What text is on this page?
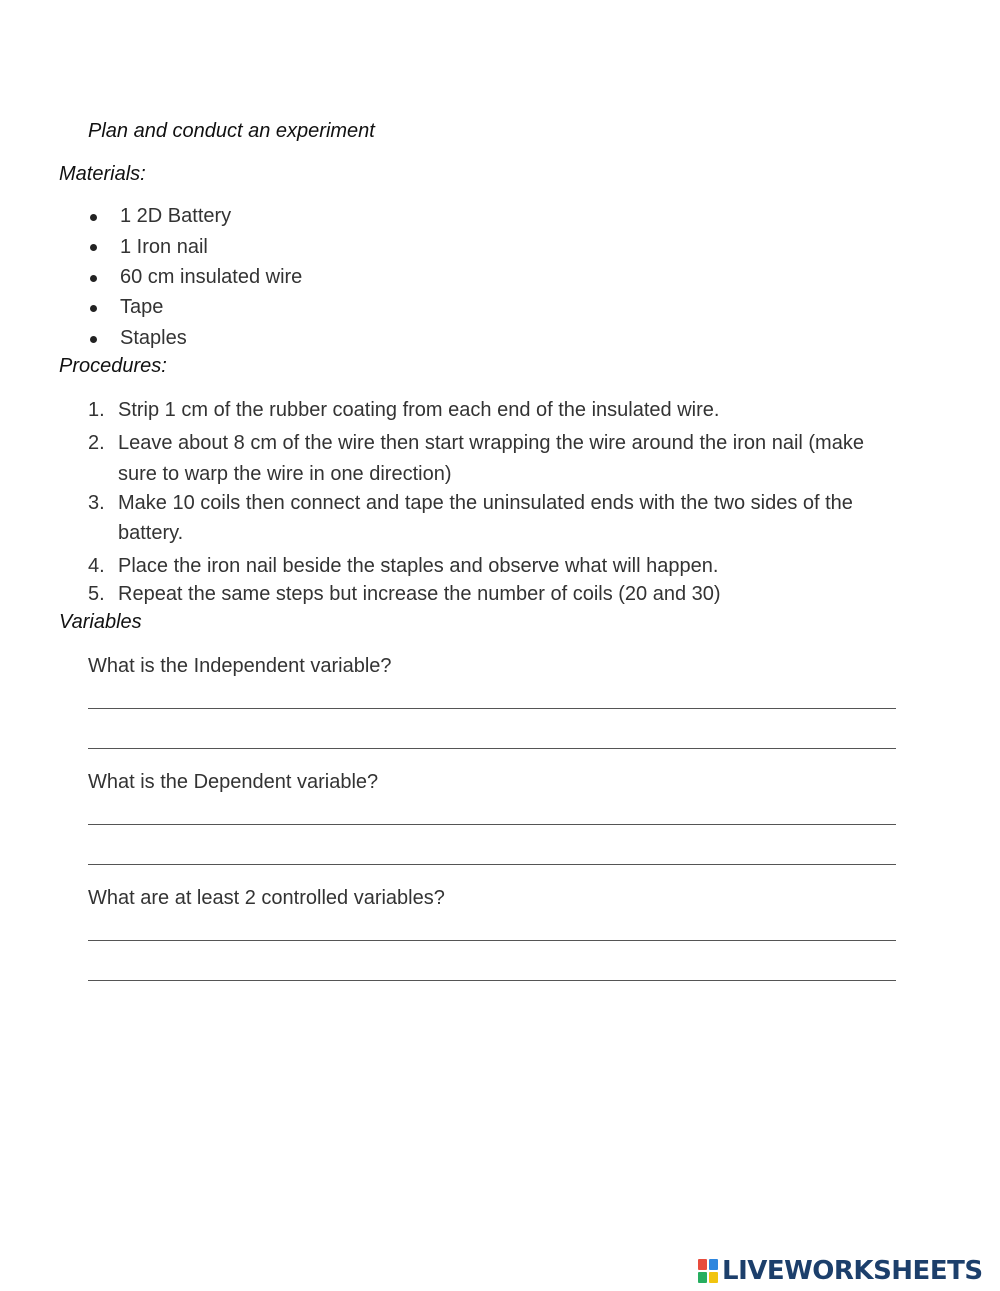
Plan and conduct an experiment
Materials:
1 2D Battery
1 Iron nail
60 cm insulated wire
Tape
Staples
Procedures:
1. Strip 1 cm of the rubber coating from each end of the insulated wire.
2. Leave about 8 cm of the wire then start wrapping the wire around the iron nail (make
sure to warp the wire in one direction)
3. Make 10 coils then connect and tape the uninsulated ends with the two sides of the
battery.
4. Place the iron nail beside the staples and observe what will happen.
5. Repeat the same steps but increase the number of coils (20 and 30)
Variables
What is the Independent variable?
What is the Dependent variable?
What are at least 2 controlled variables?
LIVEWORKSHEETS
